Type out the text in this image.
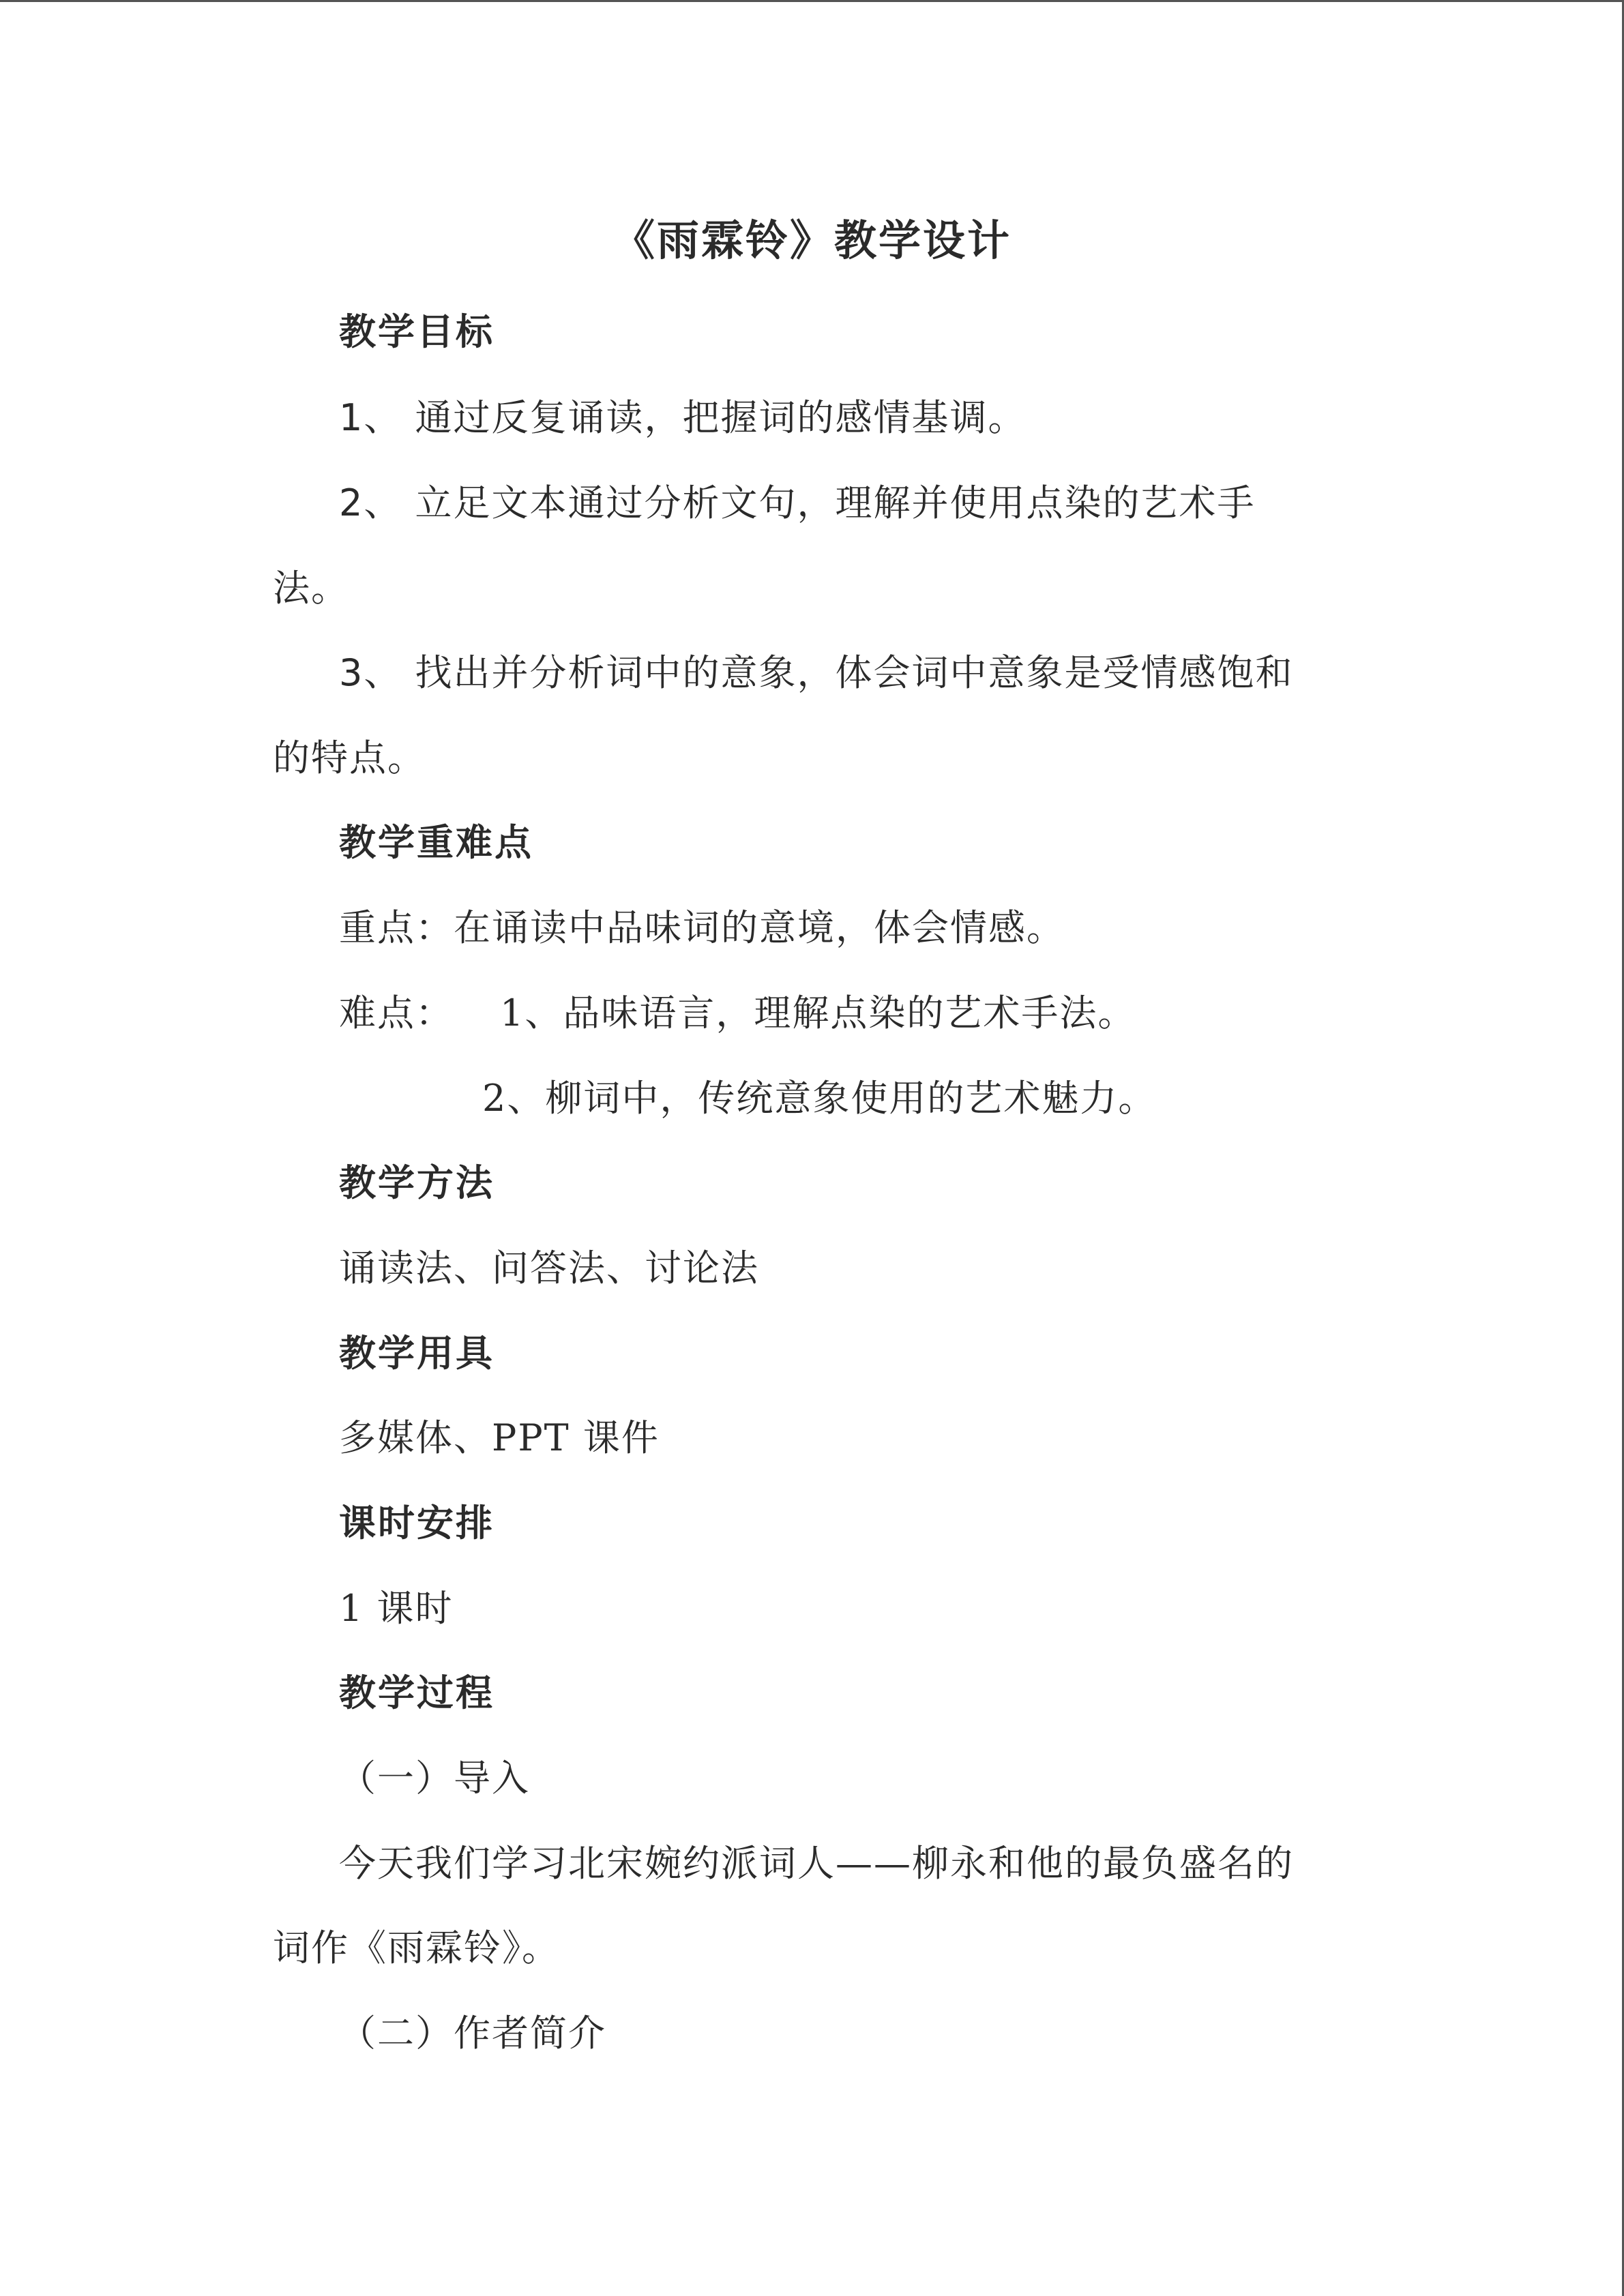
《雨霖铃》教学设计
教学目标
1、 通过反复诵读，把握词的感情基调。
2、 立足文本通过分析文句，理解并使用点染的艺术手
法。
3、 找出并分析词中的意象，体会词中意象是受情感饱和
的特点。
教学重难点
重点：在诵读中品味词的意境，体会情感。
难点： 1、品味语言，理解点染的艺术手法。
2、柳词中，传统意象使用的艺术魅力。
教学方法
诵读法、问答法、讨论法
教学用具
多媒体、PPT 课件
课时安排
1 课时
教学过程
（一）导入
今天我们学习北宋婉约派词人——柳永和他的最负盛名的
词作《雨霖铃》。
（二）作者简介
